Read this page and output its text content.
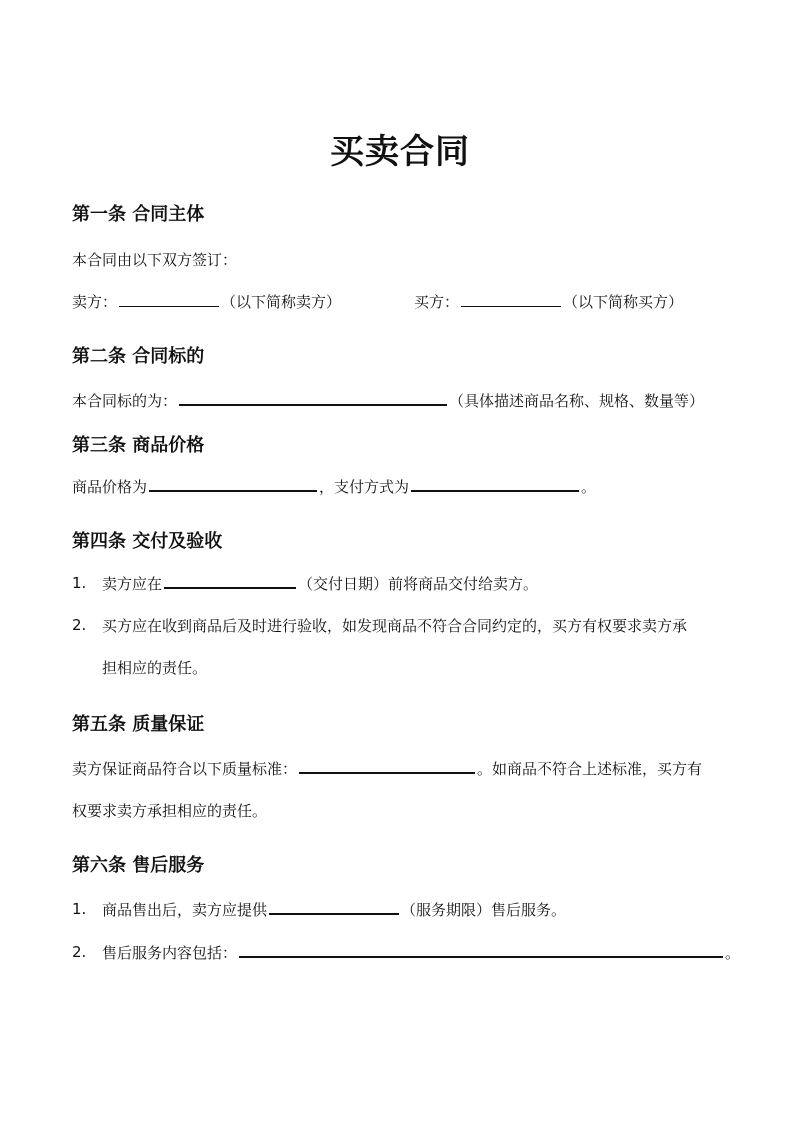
买卖合同
第一条 合同主体
本合同由以下双方签订：
卖方：	（以下简称卖方）	买方：	（以下简称买方）
第二条 合同标的
本合同标的为：	（具体描述商品名称、规格、数量等）
第三条 商品价格
商品价格为	，支付方式为	。
第四条 交付及验收
1. 卖方应在	（交付日期）前将商品交付给卖方。
2. 买方应在收到商品后及时进行验收，如发现商品不符合合同约定的，买方有权要求卖方承
担相应的责任。
第五条 质量保证
卖方保证商品符合以下质量标准：	。如商品不符合上述标准，买方有
权要求卖方承担相应的责任。
第六条 售后服务
1. 商品售出后，卖方应提供	（服务期限）售后服务。
2. 售后服务内容包括：	。
